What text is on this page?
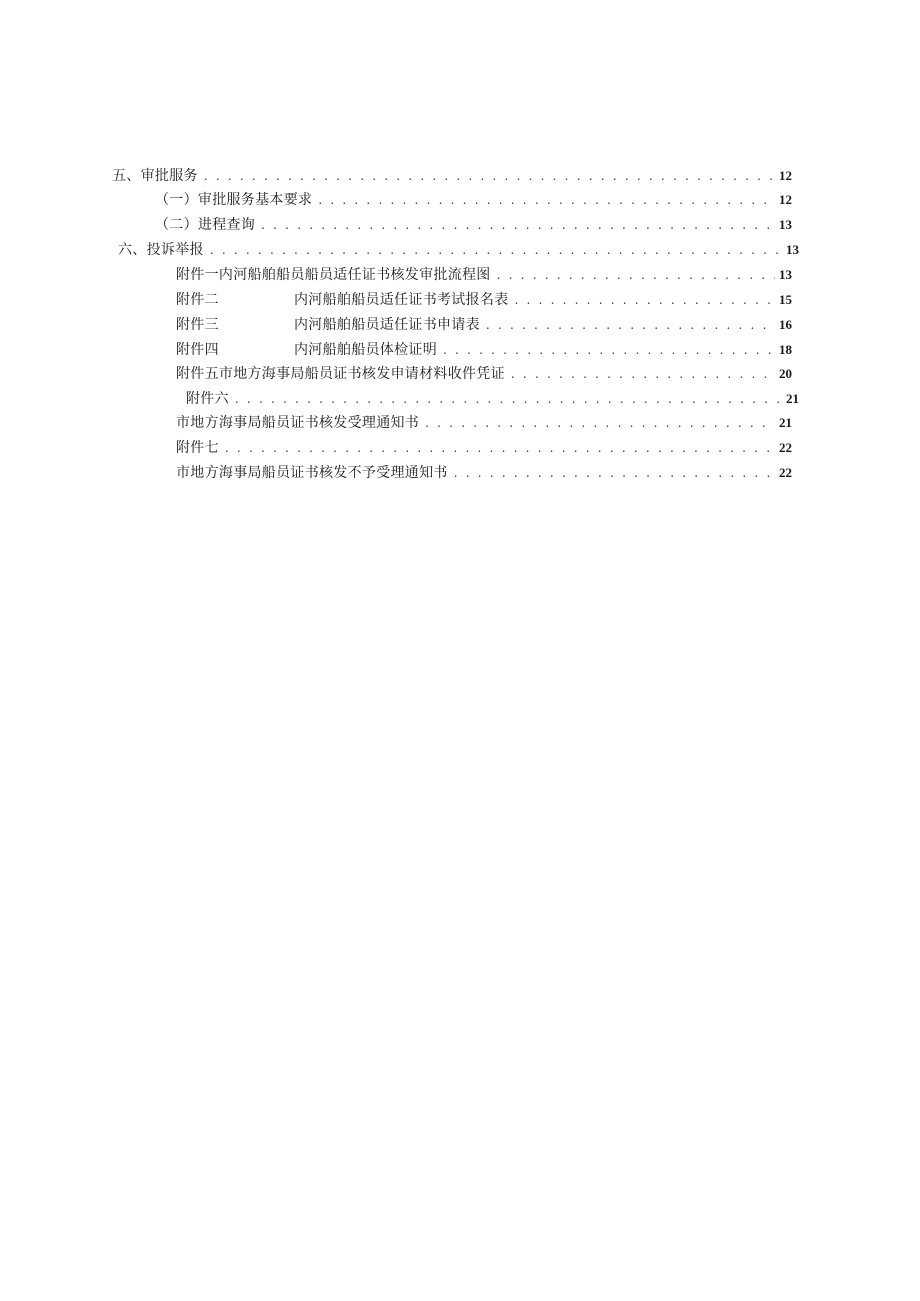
五、审批服务 . . .	12
（一）审批服务基本要求 . . .	12
（二）进程查询 . . .	13
六、投诉举报 . . .	13
附件一内河船舶船员船员适任证书核发审批流程图 . . .	13
附件二	内河船舶船员适任证书考试报名表 . . .	15
附件三	内河船舶船员适任证书申请表 . . .	16
附件四	内河船舶船员体检证明 . . .	18
附件五市地方海事局船员证书核发申请材料收件凭证 . . .	20
附件六 . . .	21
市地方海事局船员证书核发受理通知书 . . .	21
附件七 . . .	22
市地方海事局船员证书核发不予受理通知书 . . .	22
